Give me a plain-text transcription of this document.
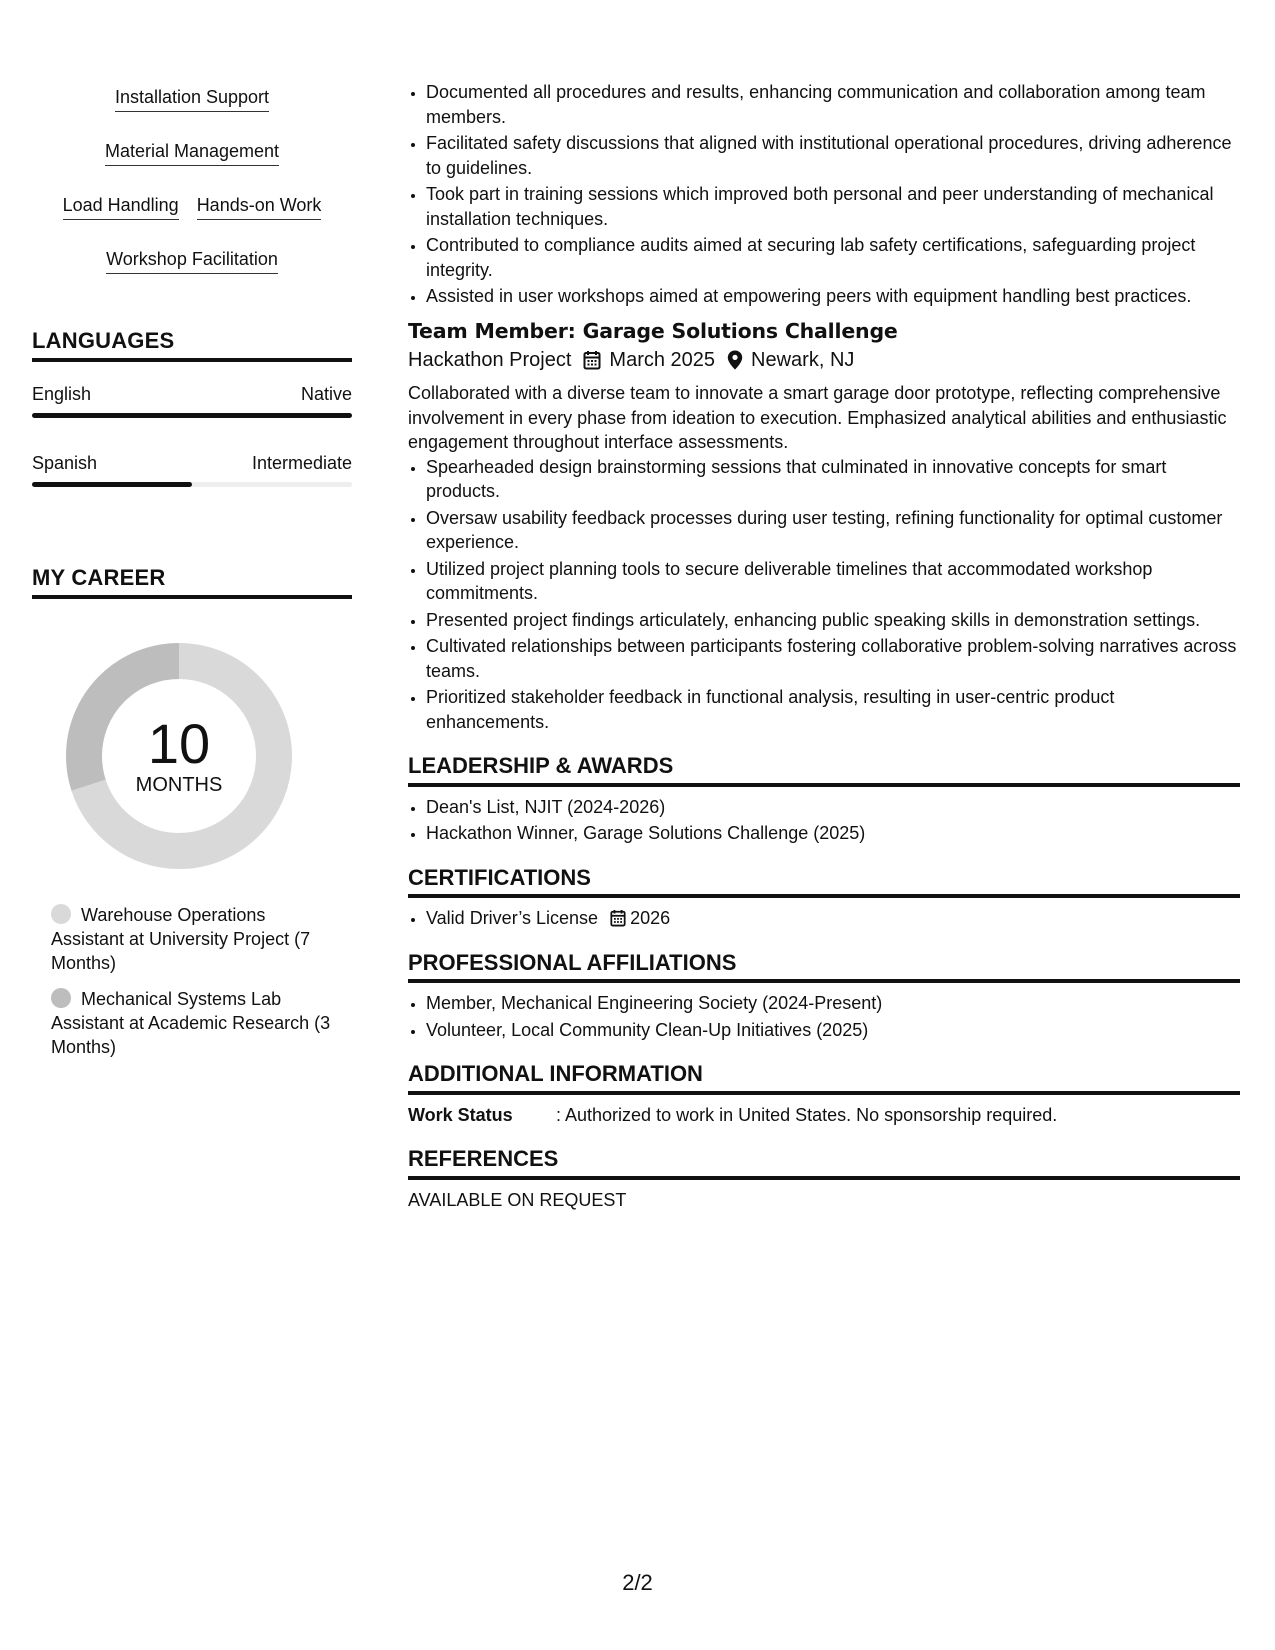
Installation Support
Material Management
Load Handling Hands-on Work
Workshop Facilitation
LANGUAGES
English	Native
Spanish	Intermediate
MY CAREER
10
MONTHS
Warehouse Operations Assistant at University Project (7 Months)
Mechanical Systems Lab Assistant at Academic Research (3 Months)
• Documented all procedures and results, enhancing communication and collaboration among team members.
• Facilitated safety discussions that aligned with institutional operational procedures, driving adherence to guidelines.
• Took part in training sessions which improved both personal and peer understanding of mechanical installation techniques.
• Contributed to compliance audits aimed at securing lab safety certifications, safeguarding project integrity.
• Assisted in user workshops aimed at empowering peers with equipment handling best practices.
Team Member: Garage Solutions Challenge
Hackathon Project March 2025 Newark, NJ

Collaborated with a diverse team to innovate a smart garage door prototype, reflecting comprehensive involvement in every phase from ideation to execution. Emphasized analytical abilities and enthusiastic engagement throughout interface assessments.

• Spearheaded design brainstorming sessions that culminated in innovative concepts for smart products.
• Oversaw usability feedback processes during user testing, refining functionality for optimal customer experience.
• Utilized project planning tools to secure deliverable timelines that accommodated workshop commitments.
• Presented project findings articulately, enhancing public speaking skills in demonstration settings.
• Cultivated relationships between participants fostering collaborative problem-solving narratives across teams.
• Prioritized stakeholder feedback in functional analysis, resulting in user-centric product enhancements.
LEADERSHIP & AWARDS
• Dean's List, NJIT (2024-2026)
• Hackathon Winner, Garage Solutions Challenge (2025)
CERTIFICATIONS
• Valid Driver’s License 2026
PROFESSIONAL AFFILIATIONS
• Member, Mechanical Engineering Society (2024-Present)
• Volunteer, Local Community Clean-Up Initiatives (2025)
ADDITIONAL INFORMATION
Work Status	: Authorized to work in United States. No sponsorship required.
REFERENCES
AVAILABLE ON REQUEST
2/2
